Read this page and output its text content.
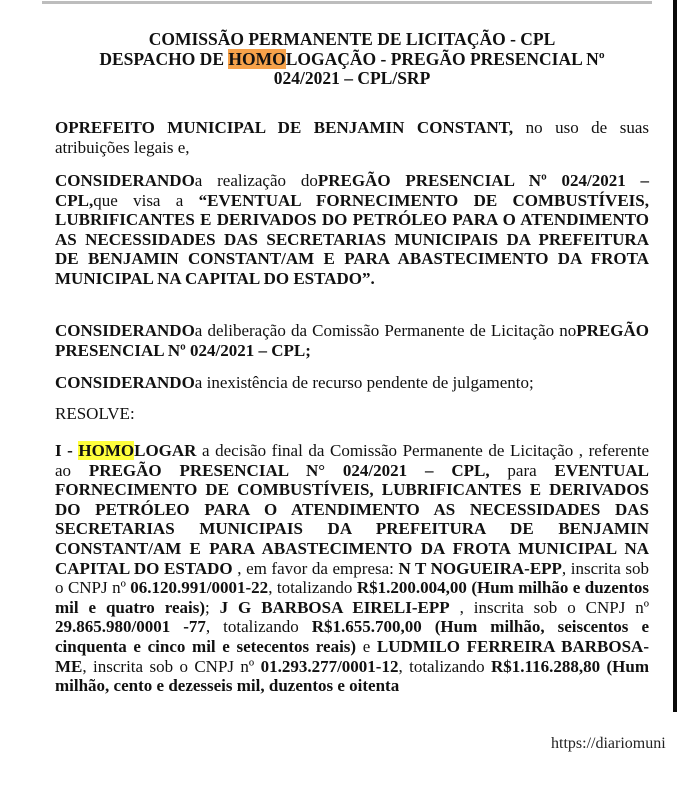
COMISSÃO PERMANENTE DE LICITAÇÃO - CPL
DESPACHO DE HOMOLOGAÇÃO - PREGÃO PRESENCIAL Nº
024/2021 – CPL/SRP

OPREFEITO MUNICIPAL DE BENJAMIN CONSTANT, no uso de suas atribuições legais e,

CONSIDERANDOa realização doPREGÃO PRESENCIAL Nº 024/2021 – CPL,que visa a “EVENTUAL FORNECIMENTO DE COMBUSTÍVEIS, LUBRIFICANTES E DERIVADOS DO PETRÓLEO PARA O ATENDIMENTO AS NECESSIDADES DAS SECRETARIAS MUNICIPAIS DA PREFEITURA DE BENJAMIN CONSTANT/AM E PARA ABASTECIMENTO DA FROTA MUNICIPAL NA CAPITAL DO ESTADO”.

CONSIDERANDOa deliberação da Comissão Permanente de Licitação noPREGÃO PRESENCIAL Nº 024/2021 – CPL;

CONSIDERANDOa inexistência de recurso pendente de julgamento;

RESOLVE:

I - HOMOLOGAR a decisão final da Comissão Permanente de Licitação , referente ao PREGÃO PRESENCIAL N° 024/2021 – CPL, para EVENTUAL FORNECIMENTO DE COMBUSTÍVEIS, LUBRIFICANTES E DERIVADOS DO PETRÓLEO PARA O ATENDIMENTO AS NECESSIDADES DAS SECRETARIAS MUNICIPAIS DA PREFEITURA DE BENJAMIN CONSTANT/AM E PARA ABASTECIMENTO DA FROTA MUNICIPAL NA CAPITAL DO ESTADO , em favor da empresa: N T NOGUEIRA-EPP, inscrita sob o CNPJ nº 06.120.991/0001-22, totalizando R$1.200.004,00 (Hum milhão e duzentos mil e quatro reais); J G BARBOSA EIRELI-EPP , inscrita sob o CNPJ nº 29.865.980/0001 -77, totalizando R$1.655.700,00 (Hum milhão, seiscentos e cinquenta e cinco mil e setecentos reais) e LUDMILO FERREIRA BARBOSA-ME, inscrita sob o CNPJ nº 01.293.277/0001-12, totalizando R$1.116.288,80 (Hum milhão, cento e dezesseis mil, duzentos e oitenta

https://diariomuni
